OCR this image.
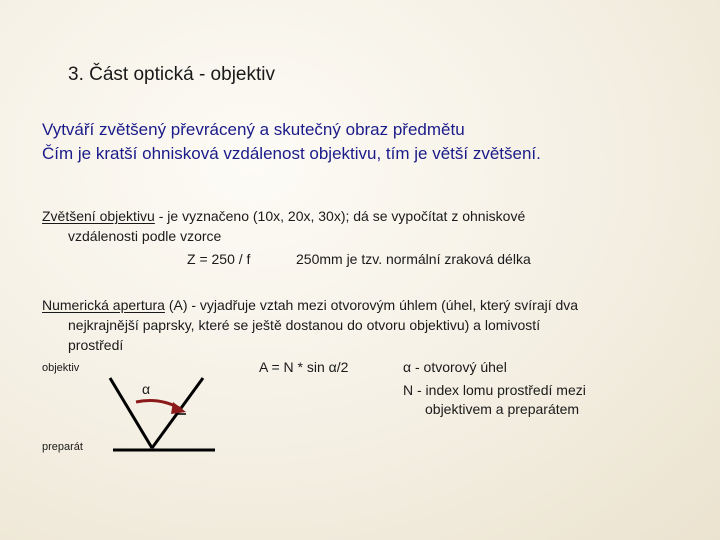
3. Část optická - objektiv
Vytváří zvětšený převrácený a skutečný obraz předmětu
Čím je kratší ohnisková vzdálenost objektivu, tím je větší zvětšení.
Zvětšení objektivu - je vyznačeno (10x, 20x, 30x); dá se vypočítat z ohniskové
vzdálenosti podle vzorce
Z = 250 / f	250mm je tzv. normální zraková délka
Numerická apertura (A) - vyjadřuje vztah mezi otvorovým úhlem (úhel, který svírají dva
nejkrajnější paprsky, které se ještě dostanou do otvoru objektivu) a lomivostí
prostředí
A = N * sin α/2	α - otvorový úhel
N - index lomu prostředí mezi
objektivem a preparátem
objektiv
preparát
α
